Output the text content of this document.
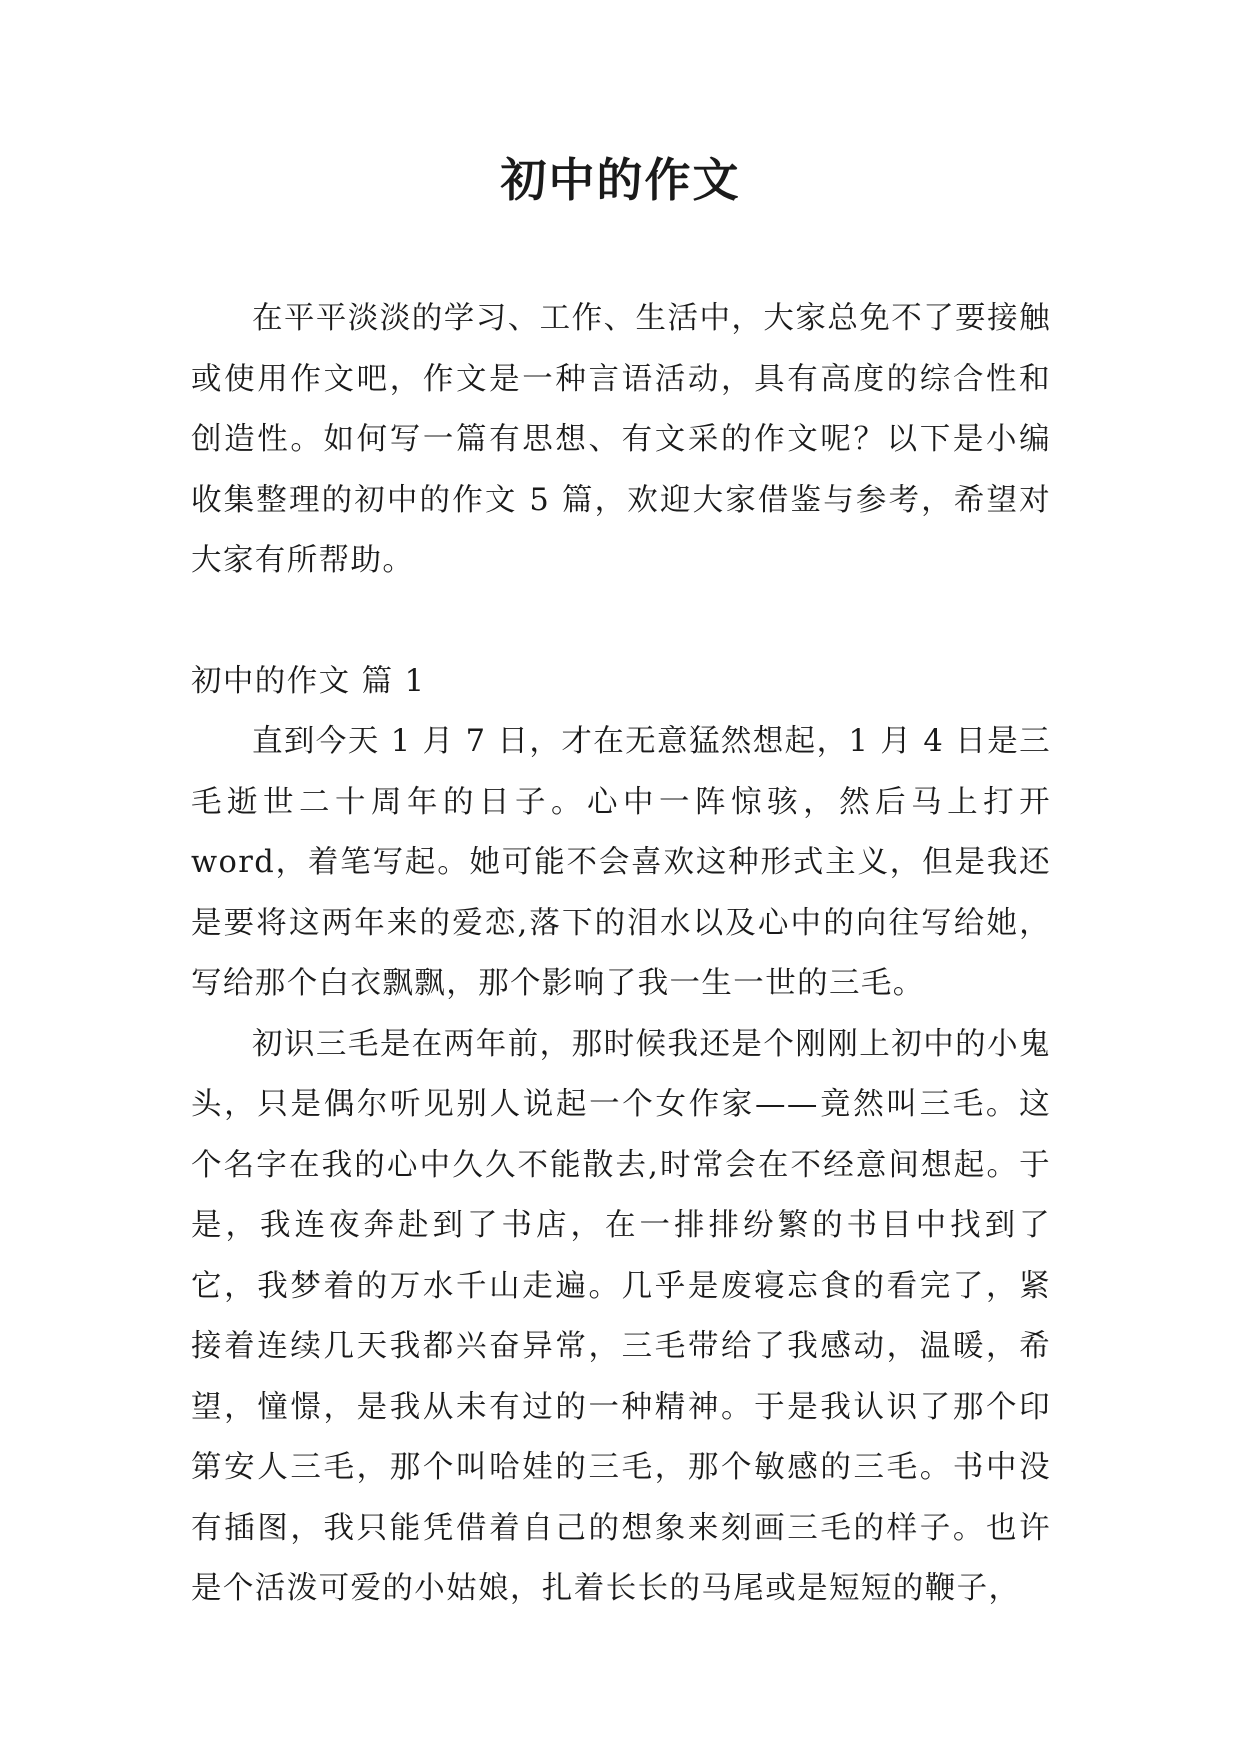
初中的作文

在平平淡淡的学习、工作、生活中，大家总免不了要接触或使用作文吧，作文是一种言语活动，具有高度的综合性和创造性。如何写一篇有思想、有文采的作文呢？以下是小编收集整理的初中的作文 5 篇，欢迎大家借鉴与参考，希望对大家有所帮助。

初中的作文 篇 1

直到今天 1 月 7 日，才在无意猛然想起，1 月 4 日是三毛逝世二十周年的日子。心中一阵惊骇，然后马上打开 word，着笔写起。她可能不会喜欢这种形式主义，但是我还是要将这两年来的爱恋,落下的泪水以及心中的向往写给她，写给那个白衣飘飘，那个影响了我一生一世的三毛。

初识三毛是在两年前，那时候我还是个刚刚上初中的小鬼头，只是偶尔听见别人说起一个女作家——竟然叫三毛。这个名字在我的心中久久不能散去,时常会在不经意间想起。于是，我连夜奔赴到了书店，在一排排纷繁的书目中找到了它，我梦着的万水千山走遍。几乎是废寝忘食的看完了，紧接着连续几天我都兴奋异常，三毛带给了我感动，温暖，希望，憧憬，是我从未有过的一种精神。于是我认识了那个印第安人三毛，那个叫哈娃的三毛，那个敏感的三毛。书中没有插图，我只能凭借着自己的想象来刻画三毛的样子。也许是个活泼可爱的小姑娘，扎着长长的马尾或是短短的鞭子，
